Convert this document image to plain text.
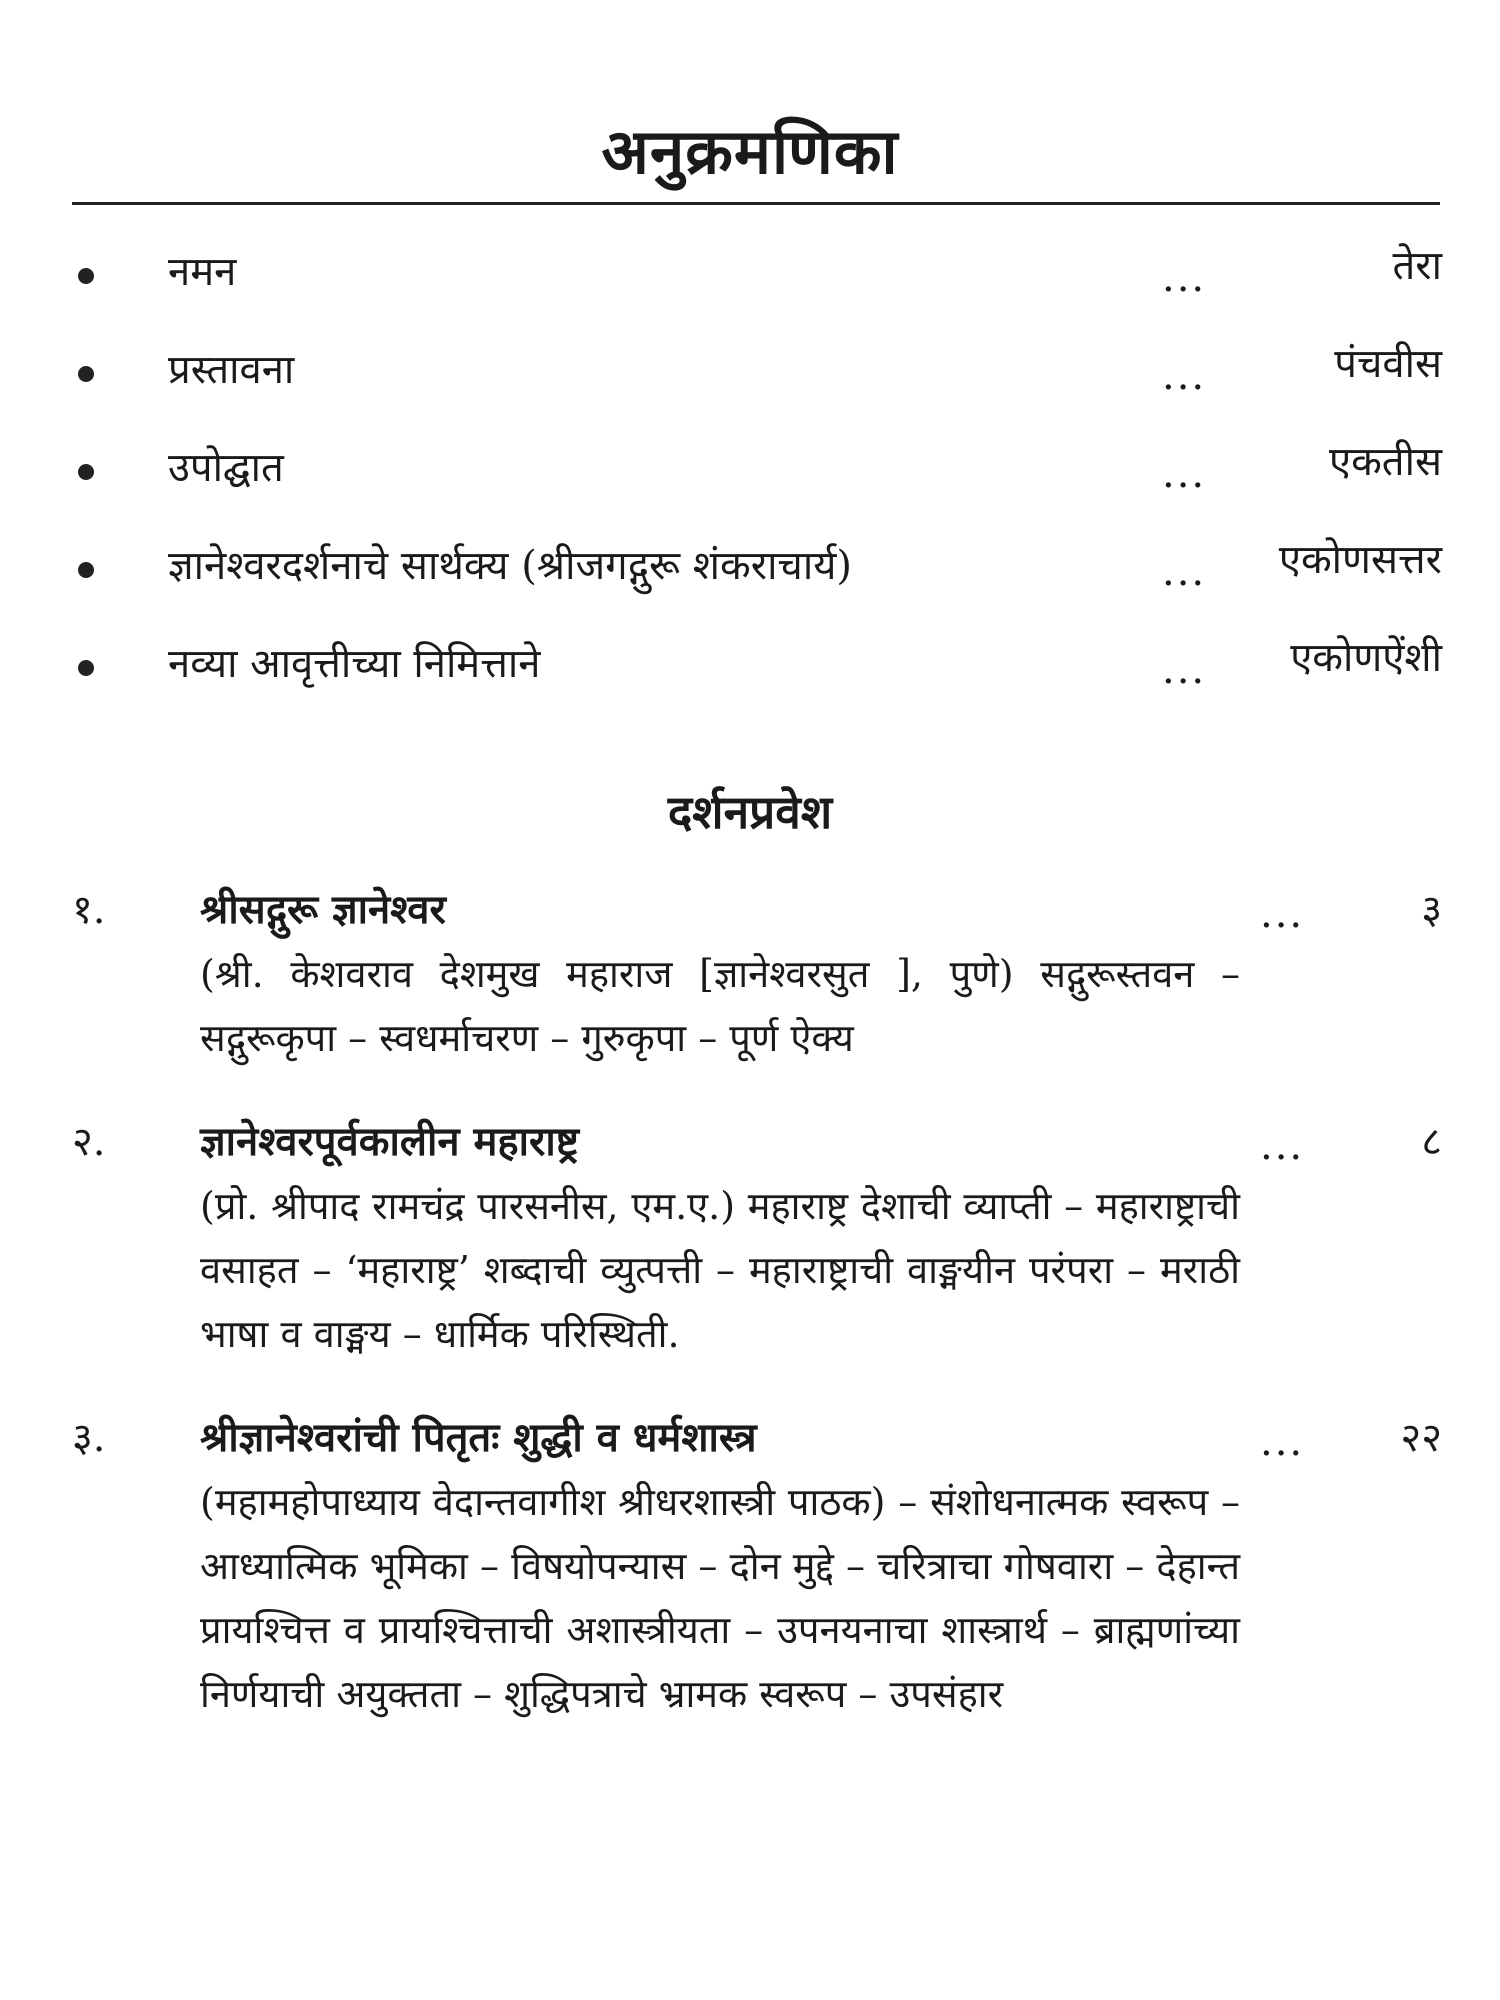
अनुक्रमणिका
नमन	...	तेरा
प्रस्तावना	...	पंचवीस
उपोद्घात	...	एकतीस
ज्ञानेश्वरदर्शनाचे सार्थक्य (श्रीजगद्गुरू शंकराचार्य)	... एकोणसत्तर
नव्या आवृत्तीच्या निमित्ताने	... एकोणऐंशी
दर्शनप्रवेश
१. श्रीसद्गुरू ज्ञानेश्वर
(श्री. केशवराव देशमुख महाराज [ज्ञानेश्वरसुत ], पुणे) सद्गुरूस्तवन – सद्गुरूकृपा – स्वधर्माचरण – गुरुकृपा – पूर्ण ऐक्य
...	३
२. ज्ञानेश्वरपूर्वकालीन महाराष्ट्र
(प्रो. श्रीपाद रामचंद्र पारसनीस, एम.ए.) महाराष्ट्र देशाची व्याप्ती – महाराष्ट्राची वसाहत – ‘महाराष्ट्र’ शब्दाची व्युत्पत्ती – महाराष्ट्राची वाङ्मयीन परंपरा – मराठी भाषा व वाङ्मय – धार्मिक परिस्थिती.
...	८
३. श्रीज्ञानेश्वरांची पितृतः शुद्धी व धर्मशास्त्र
(महामहोपाध्याय वेदान्तवागीश श्रीधरशास्त्री पाठक) – संशोधनात्मक स्वरूप – आध्यात्मिक भूमिका – विषयोपन्यास – दोन मुद्दे – चरित्राचा गोषवारा – देहान्त प्रायश्चित्त व प्रायश्चित्ताची अशास्त्रीयता – उपनयनाचा शास्त्रार्थ – ब्राह्मणांच्या निर्णयाची अयुक्तता – शुद्धिपत्राचे भ्रामक स्वरूप – उपसंहार
... २२
